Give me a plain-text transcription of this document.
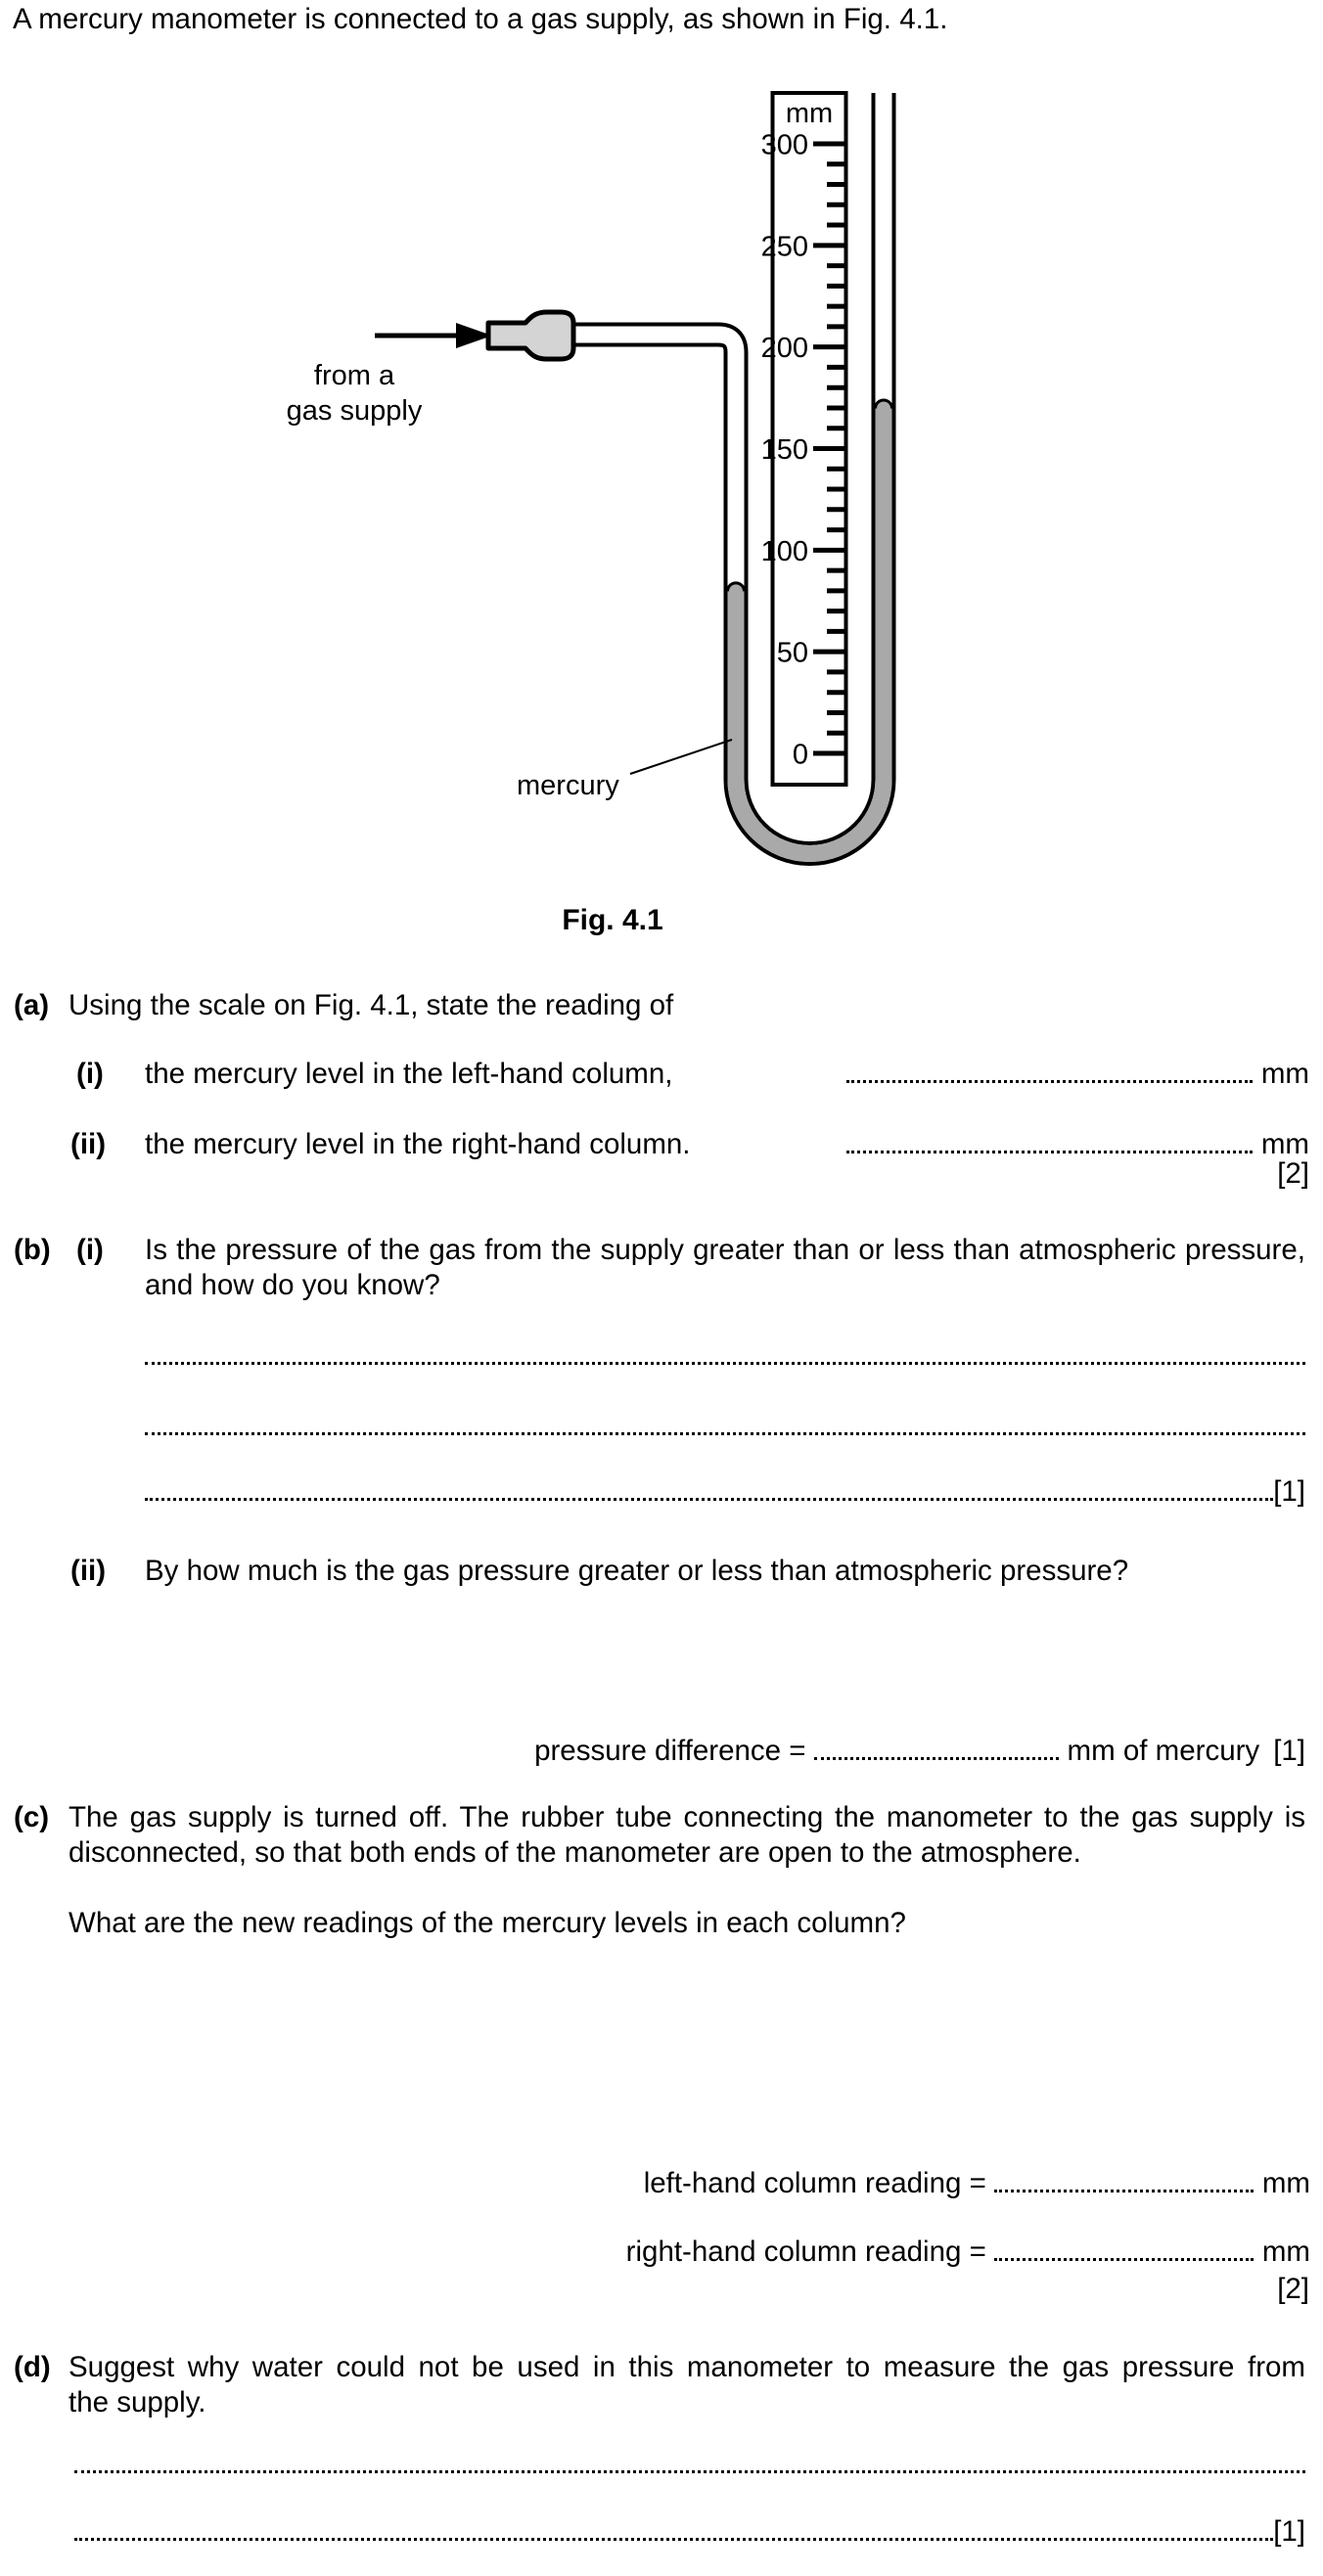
A mercury manometer is connected to a gas supply, as shown in Fig. 4.1.
300
250
200
150
100
50
0
mm
from a
gas supply
mercury
Fig. 4.1
(a) Using the scale on Fig. 4.1, state the reading of
(i) the mercury level in the left-hand column,	mm
(ii) the mercury level in the right-hand column.	mm
[2]
(b) (i) Is the pressure of the gas from the supply greater than or less than atmospheric pressure,
and how do you know?
[1]
(ii) By how much is the gas pressure greater or less than atmospheric pressure?
pressure difference =	mm of mercury [1]
(c) The gas supply is turned off. The rubber tube connecting the manometer to the gas supply is
disconnected, so that both ends of the manometer are open to the atmosphere.
What are the new readings of the mercury levels in each column?
left-hand column reading =	mm
right-hand column reading =	mm
[2]
(d) Suggest why water could not be used in this manometer to measure the gas pressure from
the supply.
[1]
